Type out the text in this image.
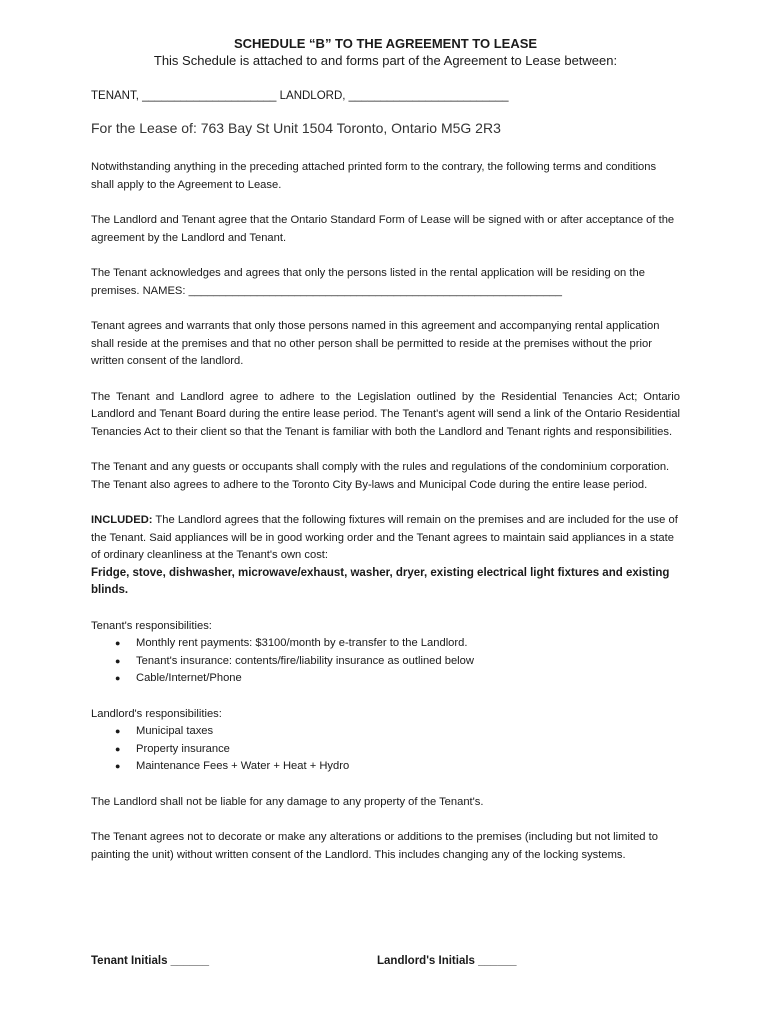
SCHEDULE “B” TO THE AGREEMENT TO LEASE
This Schedule is attached to and forms part of the Agreement to Lease between:
TENANT, _____________________ LANDLORD, _________________________
For the Lease of: 763 Bay St Unit 1504 Toronto, Ontario M5G 2R3

Notwithstanding anything in the preceding attached printed form to the contrary, the following terms and conditions shall apply to the Agreement to Lease.

The Landlord and Tenant agree that the Ontario Standard Form of Lease will be signed with or after acceptance of the agreement by the Landlord and Tenant.

The Tenant acknowledges and agrees that only the persons listed in the rental application will be residing on the premises. NAMES: ____________________________________________________________

Tenant agrees and warrants that only those persons named in this agreement and accompanying rental application shall reside at the premises and that no other person shall be permitted to reside at the premises without the prior written consent of the landlord.

The Tenant and Landlord agree to adhere to the Legislation outlined by the Residential Tenancies Act; Ontario Landlord and Tenant Board during the entire lease period. The Tenant's agent will send a link of the Ontario Residential Tenancies Act to their client so that the Tenant is familiar with both the Landlord and Tenant rights and responsibilities.

The Tenant and any guests or occupants shall comply with the rules and regulations of the condominium corporation. The Tenant also agrees to adhere to the Toronto City By-laws and Municipal Code during the entire lease period.

INCLUDED: The Landlord agrees that the following fixtures will remain on the premises and are included for the use of the Tenant. Said appliances will be in good working order and the Tenant agrees to maintain said appliances in a state of ordinary cleanliness at the Tenant's own cost:
Fridge, stove, dishwasher, microwave/exhaust, washer, dryer, existing electrical light fixtures and existing blinds.

Tenant's responsibilities:
● Monthly rent payments: $3100/month by e-transfer to the Landlord.
● Tenant's insurance: contents/fire/liability insurance as outlined below
● Cable/Internet/Phone
Landlord's responsibilities:
● Municipal taxes
● Property insurance
● Maintenance Fees + Water + Heat + Hydro

The Landlord shall not be liable for any damage to any property of the Tenant's.

The Tenant agrees not to decorate or make any alterations or additions to the premises (including but not limited to painting the unit) without written consent of the Landlord. This includes changing any of the locking systems.

Tenant Initials ______	Landlord's Initials ______
